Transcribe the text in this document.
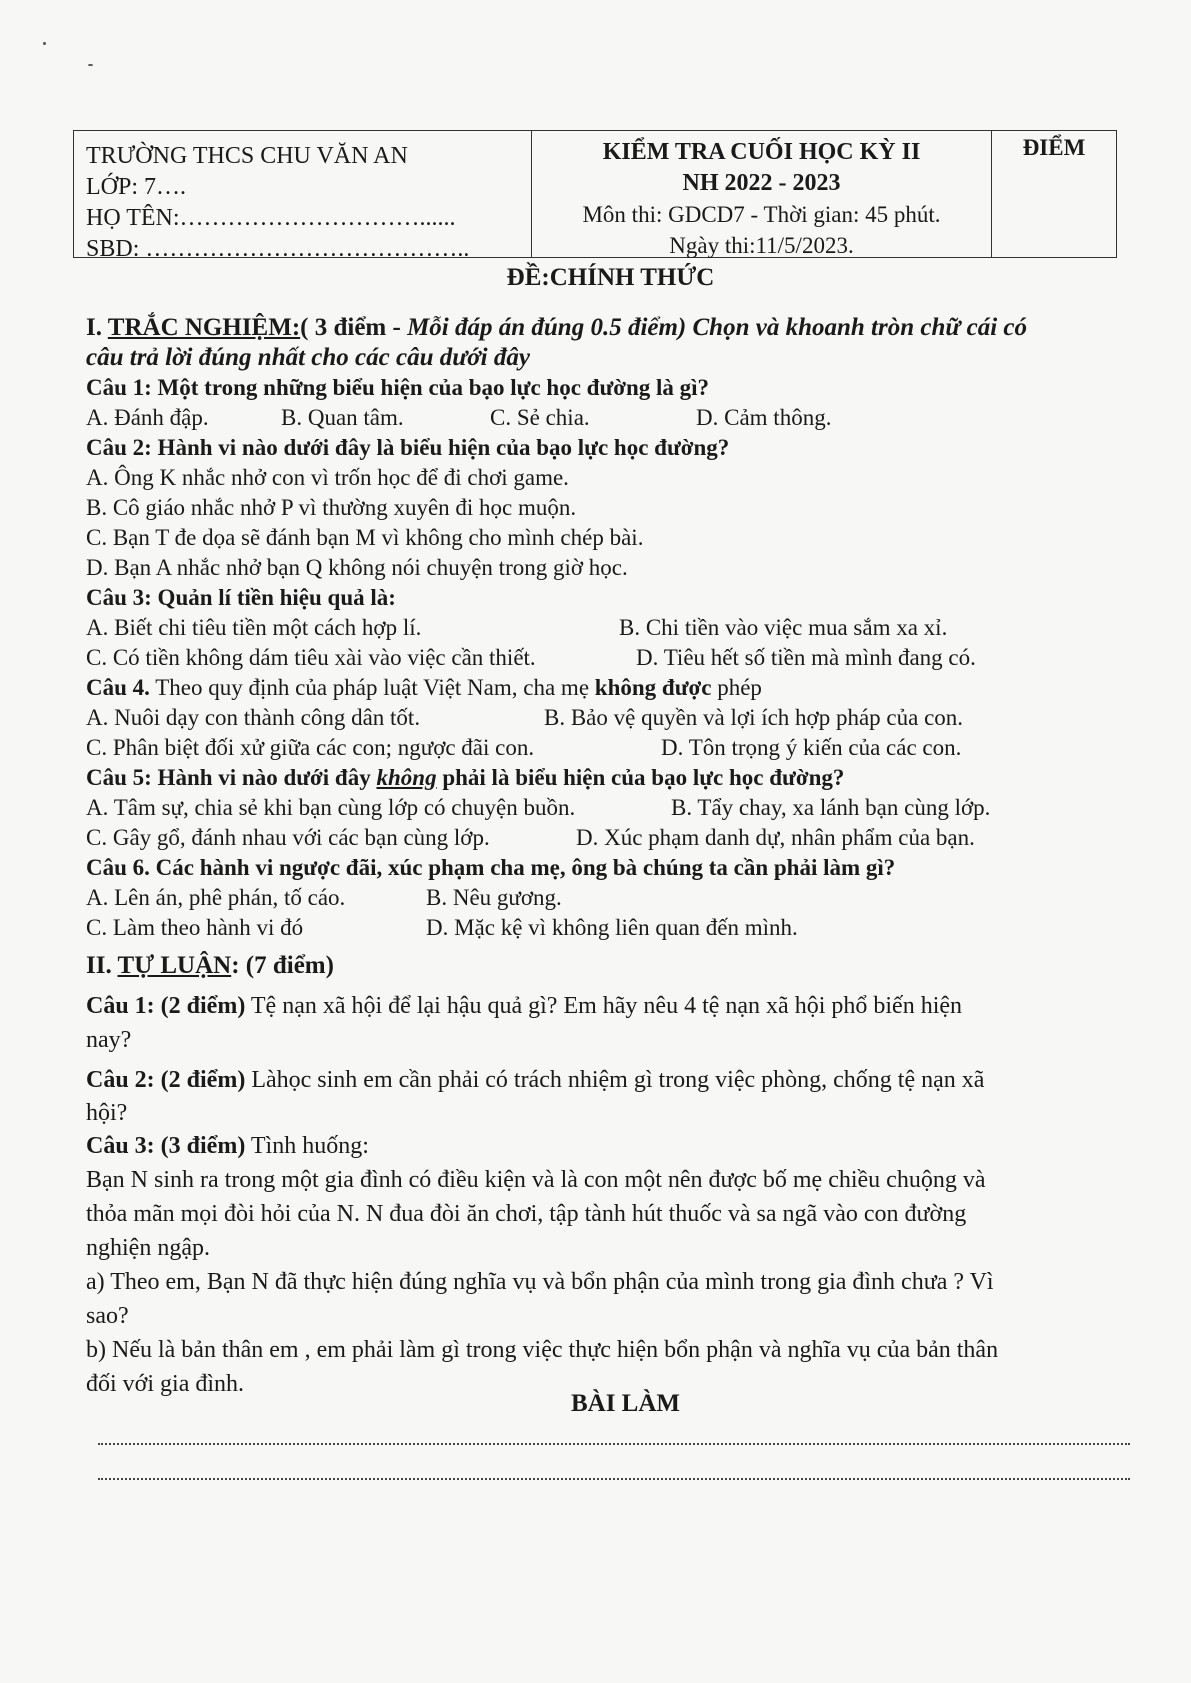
TRƯỜNG THCS CHU VĂN AN
LỚP: 7….
HỌ TÊN:…………………………......
SBD: …………………………………..
KIỂM TRA CUỐI HỌC KỲ II
NH 2022 - 2023
Môn thi: GDCD7 - Thời gian: 45 phút.
Ngày thi:11/5/2023.
ĐIỂM
ĐỀ:CHÍNH THỨC
I. TRẮC NGHIỆM:( 3 điểm - Mỗi đáp án đúng 0.5 điểm) Chọn và khoanh tròn chữ cái có
câu trả lời đúng nhất cho các câu dưới đây
Câu 1: Một trong những biểu hiện của bạo lực học đường là gì?
A. Đánh đập.	B. Quan tâm.	C. Sẻ chia.	D. Cảm thông.
Câu 2: Hành vi nào dưới đây là biểu hiện của bạo lực học đường?
A. Ông K nhắc nhở con vì trốn học để đi chơi game.
B. Cô giáo nhắc nhở P vì thường xuyên đi học muộn.
C. Bạn T đe dọa sẽ đánh bạn M vì không cho mình chép bài.
D. Bạn A nhắc nhở bạn Q không nói chuyện trong giờ học.
Câu 3: Quản lí tiền hiệu quả là:
A. Biết chi tiêu tiền một cách hợp lí.	B. Chi tiền vào việc mua sắm xa xỉ.
C. Có tiền không dám tiêu xài vào việc cần thiết.	D. Tiêu hết số tiền mà mình đang có.
Câu 4. Theo quy định của pháp luật Việt Nam, cha mẹ không được phép
A. Nuôi dạy con thành công dân tốt.	B. Bảo vệ quyền và lợi ích hợp pháp của con.
C. Phân biệt đối xử giữa các con; ngược đãi con.	D. Tôn trọng ý kiến của các con.
Câu 5: Hành vi nào dưới đây không phải là biểu hiện của bạo lực học đường?
A. Tâm sự, chia sẻ khi bạn cùng lớp có chuyện buồn.	B. Tẩy chay, xa lánh bạn cùng lớp.
C. Gây gổ, đánh nhau với các bạn cùng lớp.	D. Xúc phạm danh dự, nhân phẩm của bạn.
Câu 6. Các hành vi ngược đãi, xúc phạm cha mẹ, ông bà chúng ta cần phải làm gì?
A. Lên án, phê phán, tố cáo.	B. Nêu gương.
C. Làm theo hành vi đó	D. Mặc kệ vì không liên quan đến mình.
II. TỰ LUẬN: (7 điểm)
Câu 1: (2 điểm) Tệ nạn xã hội để lại hậu quả gì? Em hãy nêu 4 tệ nạn xã hội phổ biến hiện
nay?
Câu 2: (2 điểm) Làhọc sinh em cần phải có trách nhiệm gì trong việc phòng, chống tệ nạn xã
hội?
Câu 3: (3 điểm) Tình huống:
Bạn N sinh ra trong một gia đình có điều kiện và là con một nên được bố mẹ chiều chuộng và
thỏa mãn mọi đòi hỏi của N. N đua đòi ăn chơi, tập tành hút thuốc và sa ngã vào con đường
nghiện ngập.
a) Theo em, Bạn N đã thực hiện đúng nghĩa vụ và bổn phận của mình trong gia đình chưa ? Vì
sao?
b) Nếu là bản thân em , em phải làm gì trong việc thực hiện bổn phận và nghĩa vụ của bản thân
đối với gia đình.
BÀI LÀM
